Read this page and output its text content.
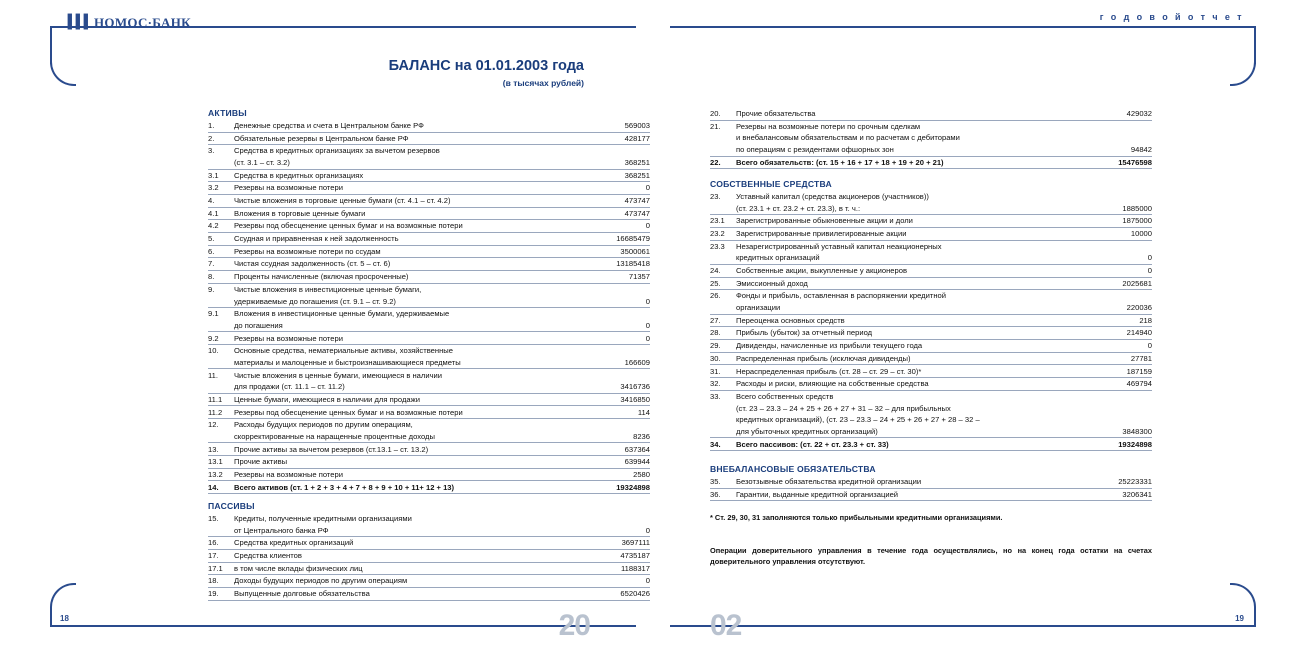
▍▍▍ НОМОС·БАНК
БАЛАНС на 01.01.2003 года
(в тысячах рублей)
АКТИВЫ
1.	Денежные средства и счета в Центральном банке РФ	569003
2.	Обязательные резервы в Центральном банке РФ	428177
3.	Средства в кредитных организациях за вычетом резервов	
	(ст. 3.1 – ст. 3.2)	368251
3.1	Средства в кредитных организациях	368251
3.2	Резервы на возможные потери	0
4.	Чистые вложения в торговые ценные бумаги (ст. 4.1 – ст. 4.2)	473747
4.1	Вложения в торговые ценные бумаги	473747
4.2	Резервы под обесценение ценных бумаг и на возможные потери	0
5.	Ссудная и приравненная к ней задолженность	16685479
6.	Резервы на возможные потери по ссудам	3500061
7.	Чистая ссудная задолженность (ст. 5 – ст. 6)	13185418
8.	Проценты начисленные (включая просроченные)	71357
9.	Чистые вложения в инвестиционные ценные бумаги,	
	удерживаемые до погашения (ст. 9.1 – ст. 9.2)	0
9.1	Вложения в инвестиционные ценные бумаги, удерживаемые	
	до погашения	0
9.2	Резервы на возможные потери	0
10.	Основные средства, нематериальные активы, хозяйственные	
	материалы и малоценные и быстроизнашивающиеся предметы	166609
11.	Чистые вложения в ценные бумаги, имеющиеся в наличии	
	для продажи (ст. 11.1 – ст. 11.2)	3416736
11.1	Ценные бумаги, имеющиеся в наличии для продажи	3416850
11.2	Резервы под обесценение ценных бумаг и на возможные потери	114
12.	Расходы будущих периодов по другим операциям,	
	скорректированные на наращенные процентные доходы	8236
13.	Прочие активы за вычетом резервов (ст.13.1 – ст. 13.2)	637364
13.1	Прочие активы	639944
13.2	Резервы на возможные потери	2580
14.	Всего активов (ст. 1 + 2 + 3 + 4 + 7 + 8 + 9 + 10 + 11+ 12 + 13)	19324898
ПАССИВЫ
15.	Кредиты, полученные кредитными организациями	
	от Центрального банка РФ	0
16.	Средства кредитных организаций	3697111
17.	Средства клиентов	4735187
17.1	в том числе вклады физических лиц	1188317
18.	Доходы будущих периодов по другим операциям	0
19.	Выпущенные долговые обязательства	6520426
18	20
г о д о в о й о т ч е т
20.	Прочие обязательства	429032
21.	Резервы на возможные потери по срочным сделкам	
	и внебалансовым обязательствам и по расчетам с дебиторами	
	по операциям с резидентами офшорных зон	94842
22.	Всего обязательств: (ст. 15 + 16 + 17 + 18 + 19 + 20 + 21)	15476598
СОБСТВЕННЫЕ СРЕДСТВА
23.	Уставный капитал (средства акционеров (участников))	
	(ст. 23.1 + ст. 23.2 + ст. 23.3), в т. ч.:	1885000
23.1	Зарегистрированные обыкновенные акции и доли	1875000
23.2	Зарегистрированные привилегированные акции	10000
23.3	Незарегистрированный уставный капитал неакционерных	
	кредитных организаций	0
24.	Собственные акции, выкупленные у акционеров	0
25.	Эмиссионный доход	2025681
26.	Фонды и прибыль, оставленная в распоряжении кредитной	
	организации	220036
27.	Переоценка основных средств	218
28.	Прибыль (убыток) за отчетный период	214940
29.	Дивиденды, начисленные из прибыли текущего года	0
30.	Распределенная прибыль (исключая дивиденды)	27781
31.	Нераспределенная прибыль (ст. 28 – ст. 29 – ст. 30)*	187159
32.	Расходы и риски, влияющие на собственные средства	469794
33.	Всего собственных средств	
	(ст. 23 – 23.3 – 24 + 25 + 26 + 27 + 31 – 32 – для прибыльных	
	кредитных организаций), (ст. 23 – 23.3 – 24 + 25 + 26 + 27 + 28 – 32 –	
	для убыточных кредитных организаций)	3848300
34.	Всего пассивов: (ст. 22 + ст. 23.3 + ст. 33)	19324898
ВНЕБАЛАНСОВЫЕ ОБЯЗАТЕЛЬСТВА
35.	Безотзывные обязательства кредитной организации	25223331
36.	Гарантии, выданные кредитной организацией	3206341
* Ст. 29, 30, 31 заполняются только прибыльными кредитными организациями.
Операции доверительного управления в течение года осуществлялись, но на конец года остатки на счетах доверительного управления отсутствуют.
02	19
